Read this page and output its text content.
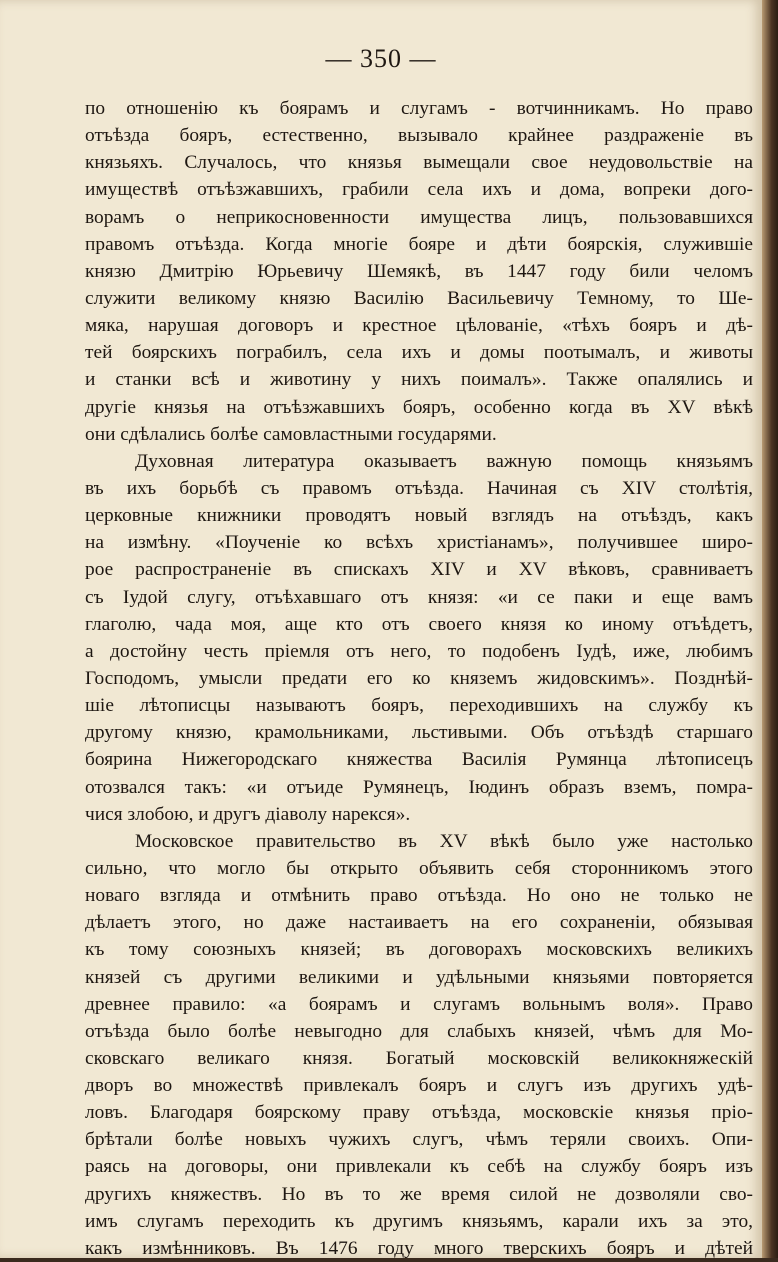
— 350 —
по отношенію къ боярамъ и слугамъ - вотчинникамъ. Но право
отъѣзда бояръ, естественно, вызывало крайнее раздраженіе въ
князьяхъ. Случалось, что князья вымещали свое неудовольствіе на
имуществѣ отъѣзжавшихъ, грабили села ихъ и дома, вопреки дого-
ворамъ о неприкосновенности имущества лицъ, пользовавшихся
правомъ отъѣзда. Когда многіе бояре и дѣти боярскія, служившіе
князю Дмитрію Юрьевичу Шемякѣ, въ 1447 году били челомъ
служити великому князю Василію Васильевичу Темному, то Ше-
мяка, нарушая договоръ и крестное цѣлованіе, «тѣхъ бояръ и дѣ-
тей боярскихъ пограбилъ, села ихъ и домы поотымалъ, и животы
и станки всѣ и животину у нихъ поималъ». Также опалялись и
другіе князья на отъѣзжавшихъ бояръ, особенно когда въ XV вѣкѣ
они сдѣлались болѣе самовластными государями.
Духовная литература оказываетъ важную помощь князьямъ
въ ихъ борьбѣ съ правомъ отъѣзда. Начиная съ XIV столѣтія,
церковные книжники проводятъ новый взглядъ на отъѣздъ, какъ
на измѣну. «Поученіе ко всѣхъ христіанамъ», получившее широ-
рое распространеніе въ спискахъ XIV и XV вѣковъ, сравниваетъ
съ Іудой слугу, отъѣхавшаго отъ князя: «и се паки и еще вамъ
глаголю, чада моя, аще кто отъ своего князя ко иному отъѣдетъ,
а достойну честь пріемля отъ него, то подобенъ Іудѣ, иже, любимъ
Господомъ, умысли предати его ко княземъ жидовскимъ». Позднѣй-
шіе лѣтописцы называютъ бояръ, переходившихъ на службу къ
другому князю, крамольниками, льстивыми. Объ отъѣздѣ старшаго
боярина Нижегородскаго княжества Василія Румянца лѣтописецъ
отозвался такъ: «и отъиде Румянецъ, Іюдинъ образъ вземъ, помра-
чися злобою, и другъ діаволу нарекся».
Московское правительство въ XV вѣкѣ было уже настолько
сильно, что могло бы открыто объявить себя сторонникомъ этого
новаго взгляда и отмѣнить право отъѣзда. Но оно не только не
дѣлаетъ этого, но даже настаиваетъ на его сохраненіи, обязывая
къ тому союзныхъ князей; въ договорахъ московскихъ великихъ
князей съ другими великими и удѣльными князьями повторяется
древнее правило: «а боярамъ и слугамъ вольнымъ воля». Право
отъѣзда было болѣе невыгодно для слабыхъ князей, чѣмъ для Мо-
сковскаго великаго князя. Богатый московскій великокняжескій
дворъ во множествѣ привлекалъ бояръ и слугъ изъ другихъ удѣ-
ловъ. Благодаря боярскому праву отъѣзда, московскіе князья пріо-
брѣтали болѣе новыхъ чужихъ слугъ, чѣмъ теряли своихъ. Опи-
раясь на договоры, они привлекали къ себѣ на службу бояръ изъ
другихъ княжествъ. Но въ то же время силой не дозволяли сво-
имъ слугамъ переходить къ другимъ князьямъ, карали ихъ за это,
какъ измѣнниковъ. Въ 1476 году много тверскихъ бояръ и дѣтей
